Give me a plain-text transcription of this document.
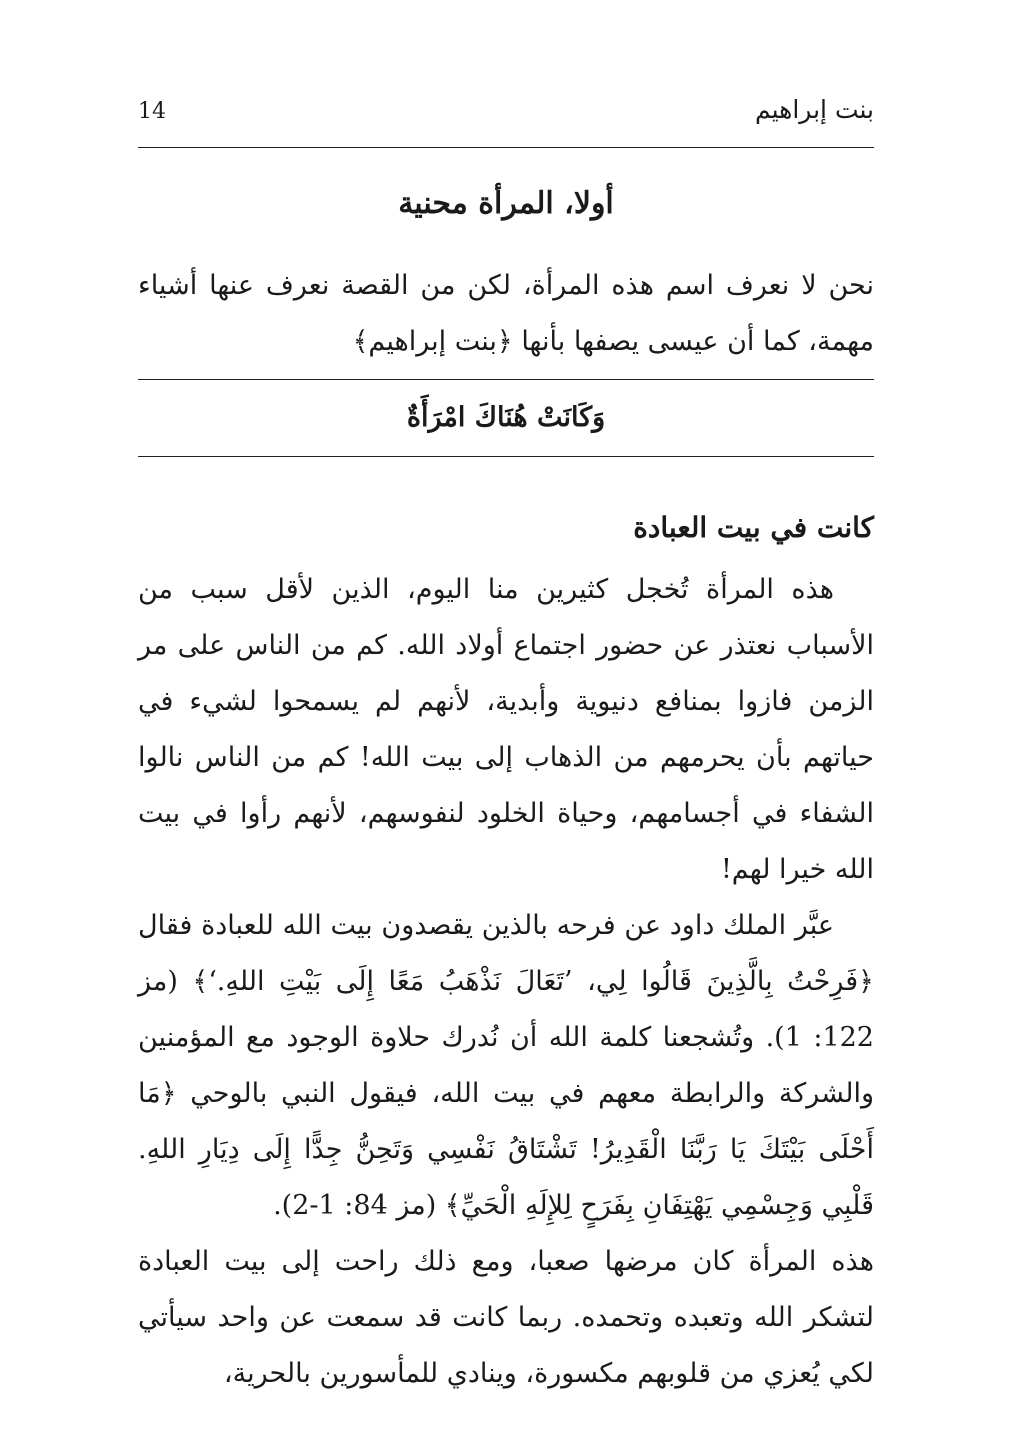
14	بنت إبراهيم
أولا، المرأة محنية
نحن لا نعرف اسم هذه المرأة، لكن من القصة نعرف عنها أشياء مهمة، كما أن عيسى يصفها بأنها ﴿بنت إبراهيم﴾
وَكَانَتْ هُنَاكَ امْرَأَةٌ
كانت في بيت العبادة

هذه المرأة تُخجل كثيرين منا اليوم، الذين لأقل سبب من الأسباب نعتذر عن حضور اجتماع أولاد الله. كم من الناس على مر الزمن فازوا بمنافع دنيوية وأبدية، لأنهم لم يسمحوا لشيء في حياتهم بأن يحرمهم من الذهاب إلى بيت الله! كم من الناس نالوا الشفاء في أجسامهم، وحياة الخلود لنفوسهم، لأنهم رأوا في بيت الله خيرا لهم!

عبَّر الملك داود عن فرحه بالذين يقصدون بيت الله للعبادة فقال ﴿فَرِحْتُ بِالَّذِينَ قَالُوا لِي، ’تَعَالَ نَذْهَبُ مَعًا إِلَى بَيْتِ اللهِ.‘﴾ (مز 122: 1). وتُشجعنا كلمة الله أن نُدرك حلاوة الوجود مع المؤمنين والشركة والرابطة معهم في بيت الله، فيقول النبي بالوحي ﴿مَا أَحْلَى بَيْتَكَ يَا رَبَّنَا الْقَدِيرُ! تَشْتَاقُ نَفْسِي وَتَحِنُّ جِدًّا إِلَى دِيَارِ اللهِ. قَلْبِي وَجِسْمِي يَهْتِفَانِ بِفَرَحٍ لِلإِلَهِ الْحَيِّ﴾ (مز 84: 1-2).

هذه المرأة كان مرضها صعبا، ومع ذلك راحت إلى بيت العبادة لتشكر الله وتعبده وتحمده. ربما كانت قد سمعت عن واحد سيأتي لكي يُعزي من قلوبهم مكسورة، وينادي للمأسورين بالحرية،
